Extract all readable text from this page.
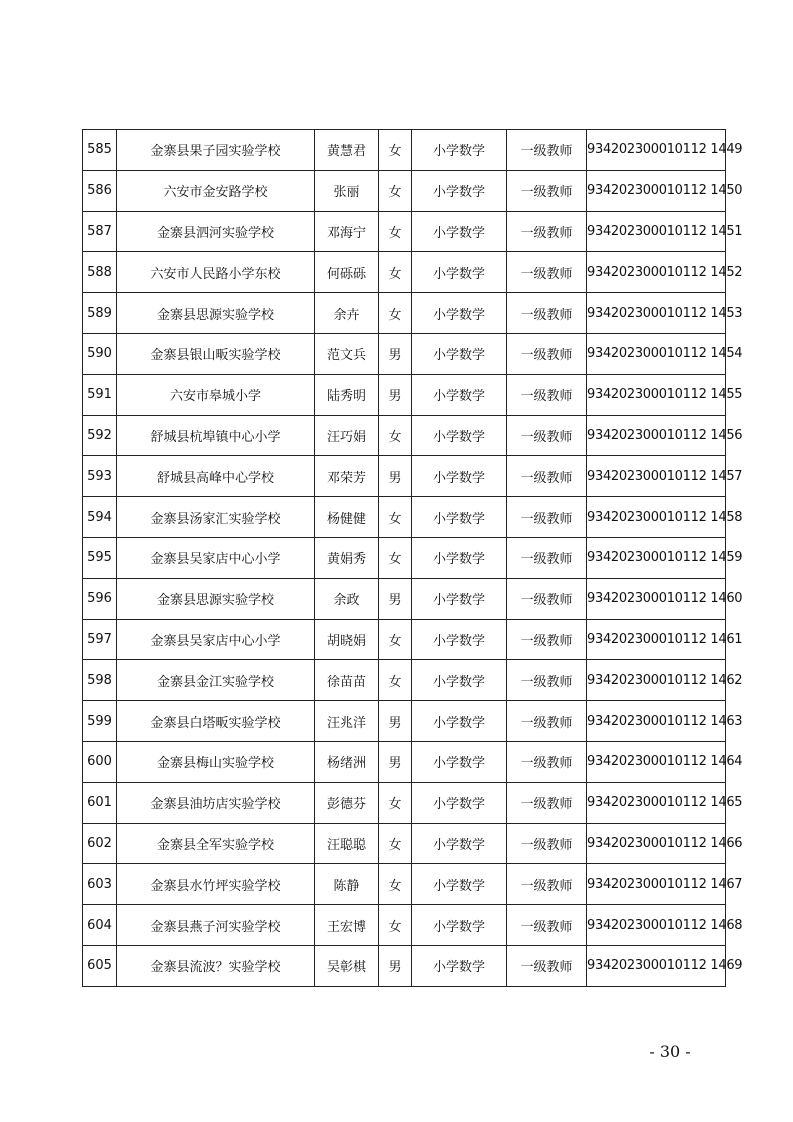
585	金寨县果子园实验学校	黄慧君	女	小学数学	一级教师	934202300010112 1449
586	六安市金安路学校	张丽	女	小学数学	一级教师	934202300010112 1450
587	金寨县泗河实验学校	邓海宁	女	小学数学	一级教师	934202300010112 1451
588	六安市人民路小学东校	何砾砾	女	小学数学	一级教师	934202300010112 1452
589	金寨县思源实验学校	余卉	女	小学数学	一级教师	934202300010112 1453
590	金寨县银山畈实验学校	范文兵	男	小学数学	一级教师	934202300010112 1454
591	六安市皋城小学	陆秀明	男	小学数学	一级教师	934202300010112 1455
592	舒城县杭埠镇中心小学	汪巧娟	女	小学数学	一级教师	934202300010112 1456
593	舒城县高峰中心学校	邓荣芳	男	小学数学	一级教师	934202300010112 1457
594	金寨县汤家汇实验学校	杨健健	女	小学数学	一级教师	934202300010112 1458
595	金寨县吴家店中心小学	黄娟秀	女	小学数学	一级教师	934202300010112 1459
596	金寨县思源实验学校	余政	男	小学数学	一级教师	934202300010112 1460
597	金寨县吴家店中心小学	胡晓娟	女	小学数学	一级教师	934202300010112 1461
598	金寨县金江实验学校	徐苗苗	女	小学数学	一级教师	934202300010112 1462
599	金寨县白塔畈实验学校	汪兆洋	男	小学数学	一级教师	934202300010112 1463
600	金寨县梅山实验学校	杨绪洲	男	小学数学	一级教师	934202300010112 1464
601	金寨县油坊店实验学校	彭德芬	女	小学数学	一级教师	934202300010112 1465
602	金寨县全军实验学校	汪聪聪	女	小学数学	一级教师	934202300010112 1466
603	金寨县水竹坪实验学校	陈静	女	小学数学	一级教师	934202300010112 1467
604	金寨县燕子河实验学校	王宏博	女	小学数学	一级教师	934202300010112 1468
605	金寨县流波？实验学校	吴彰棋	男	小学数学	一级教师	934202300010112 1469
- 30 -
